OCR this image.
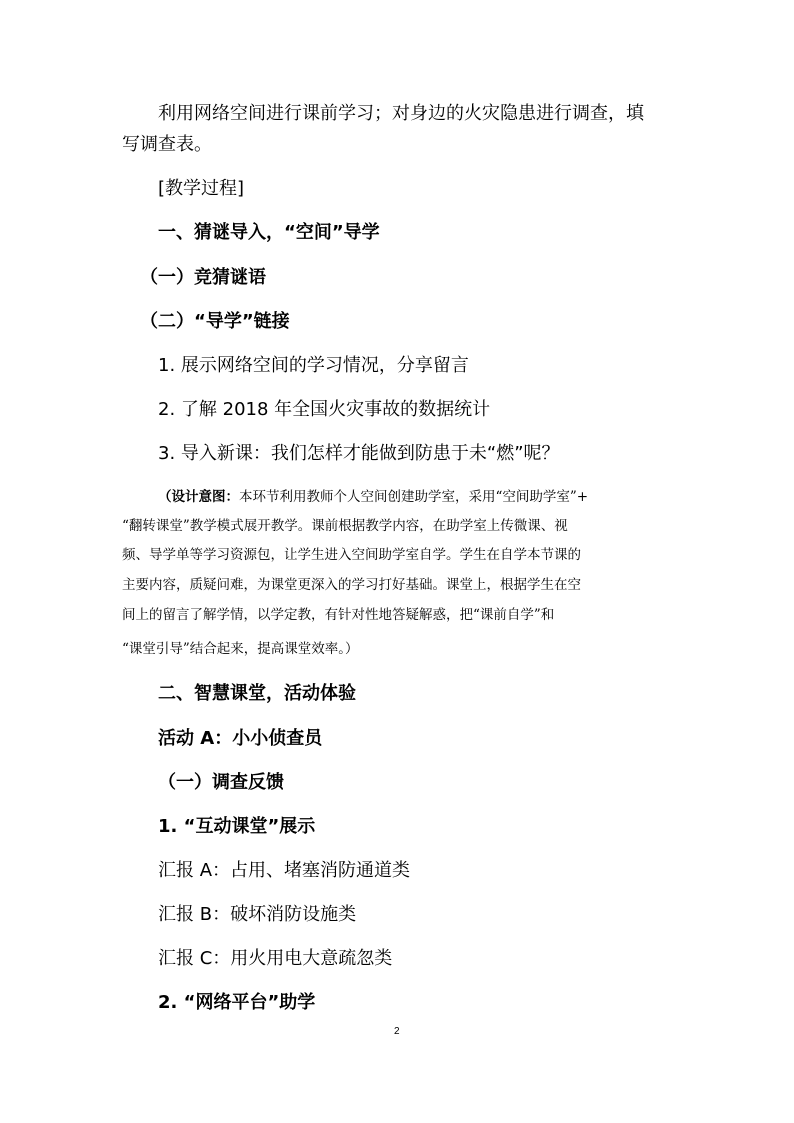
利用网络空间进行课前学习；对身边的火灾隐患进行调查，填
写调查表。
[教学过程]
一、猜谜导入，“空间”导学
（一）竞猜谜语
（二）“导学”链接
1. 展示网络空间的学习情况，分享留言
2. 了解 2018 年全国火灾事故的数据统计
3. 导入新课：我们怎样才能做到防患于未“燃”呢？
（设计意图：本环节利用教师个人空间创建助学室，采用“空间助学室”+
“翻转课堂”教学模式展开教学。课前根据教学内容，在助学室上传微课、视
频、导学单等学习资源包，让学生进入空间助学室自学。学生在自学本节课的
主要内容，质疑问难，为课堂更深入的学习打好基础。课堂上，根据学生在空
间上的留言了解学情，以学定教，有针对性地答疑解惑，把“课前自学”和
“课堂引导”结合起来，提高课堂效率。）
二、智慧课堂，活动体验
活动 A：小小侦查员
（一）调查反馈
1. “互动课堂”展示
汇报 A：占用、堵塞消防通道类
汇报 B：破坏消防设施类
汇报 C：用火用电大意疏忽类
2. “网络平台”助学
2
